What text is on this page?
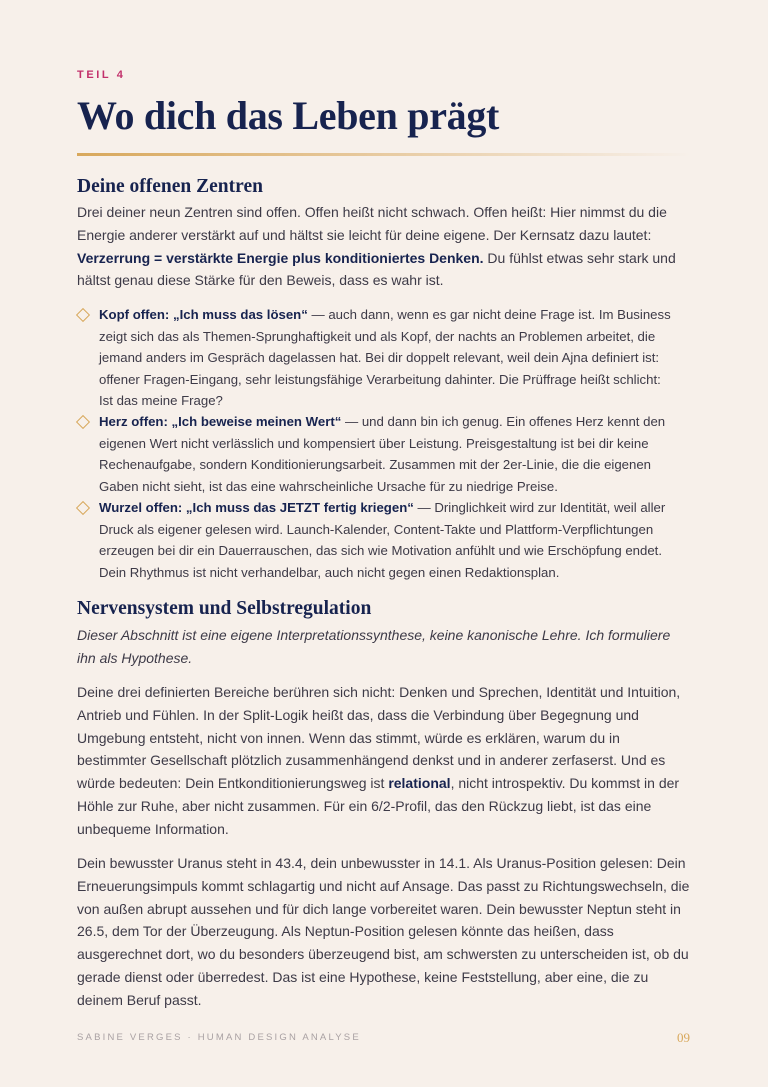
TEIL 4
Wo dich das Leben prägt
Deine offenen Zentren
Drei deiner neun Zentren sind offen. Offen heißt nicht schwach. Offen heißt: Hier nimmst du die
Energie anderer verstärkt auf und hältst sie leicht für deine eigene. Der Kernsatz dazu lautet:
Verzerrung = verstärkte Energie plus konditioniertes Denken. Du fühlst etwas sehr stark und
hältst genau diese Stärke für den Beweis, dass es wahr ist.
Kopf offen: „Ich muss das lösen“ — auch dann, wenn es gar nicht deine Frage ist. Im Business
zeigt sich das als Themen-Sprunghaftigkeit und als Kopf, der nachts an Problemen arbeitet, die
jemand anders im Gespräch dagelassen hat. Bei dir doppelt relevant, weil dein Ajna definiert ist:
offener Fragen-Eingang, sehr leistungsfähige Verarbeitung dahinter. Die Prüffrage heißt schlicht:
Ist das meine Frage?
Herz offen: „Ich beweise meinen Wert“ — und dann bin ich genug. Ein offenes Herz kennt den
eigenen Wert nicht verlässlich und kompensiert über Leistung. Preisgestaltung ist bei dir keine
Rechenaufgabe, sondern Konditionierungsarbeit. Zusammen mit der 2er-Linie, die die eigenen
Gaben nicht sieht, ist das eine wahrscheinliche Ursache für zu niedrige Preise.
Wurzel offen: „Ich muss das JETZT fertig kriegen“ — Dringlichkeit wird zur Identität, weil aller
Druck als eigener gelesen wird. Launch-Kalender, Content-Takte und Plattform-Verpflichtungen
erzeugen bei dir ein Dauerrauschen, das sich wie Motivation anfühlt und wie Erschöpfung endet.
Dein Rhythmus ist nicht verhandelbar, auch nicht gegen einen Redaktionsplan.
Nervensystem und Selbstregulation
Dieser Abschnitt ist eine eigene Interpretationssynthese, keine kanonische Lehre. Ich formuliere
ihn als Hypothese.
Deine drei definierten Bereiche berühren sich nicht: Denken und Sprechen, Identität und Intuition,
Antrieb und Fühlen. In der Split-Logik heißt das, dass die Verbindung über Begegnung und
Umgebung entsteht, nicht von innen. Wenn das stimmt, würde es erklären, warum du in
bestimmter Gesellschaft plötzlich zusammenhängend denkst und in anderer zerfaserst. Und es
würde bedeuten: Dein Entkonditionierungsweg ist relational, nicht introspektiv. Du kommst in der
Höhle zur Ruhe, aber nicht zusammen. Für ein 6/2-Profil, das den Rückzug liebt, ist das eine
unbequeme Information.
Dein bewusster Uranus steht in 43.4, dein unbewusster in 14.1. Als Uranus-Position gelesen: Dein
Erneuerungsimpuls kommt schlagartig und nicht auf Ansage. Das passt zu Richtungswechseln, die
von außen abrupt aussehen und für dich lange vorbereitet waren. Dein bewusster Neptun steht in
26.5, dem Tor der Überzeugung. Als Neptun-Position gelesen könnte das heißen, dass
ausgerechnet dort, wo du besonders überzeugend bist, am schwersten zu unterscheiden ist, ob du
gerade dienst oder überredest. Das ist eine Hypothese, keine Feststellung, aber eine, die zu
deinem Beruf passt.
SABINE VERGES · HUMAN DESIGN ANALYSE	09
